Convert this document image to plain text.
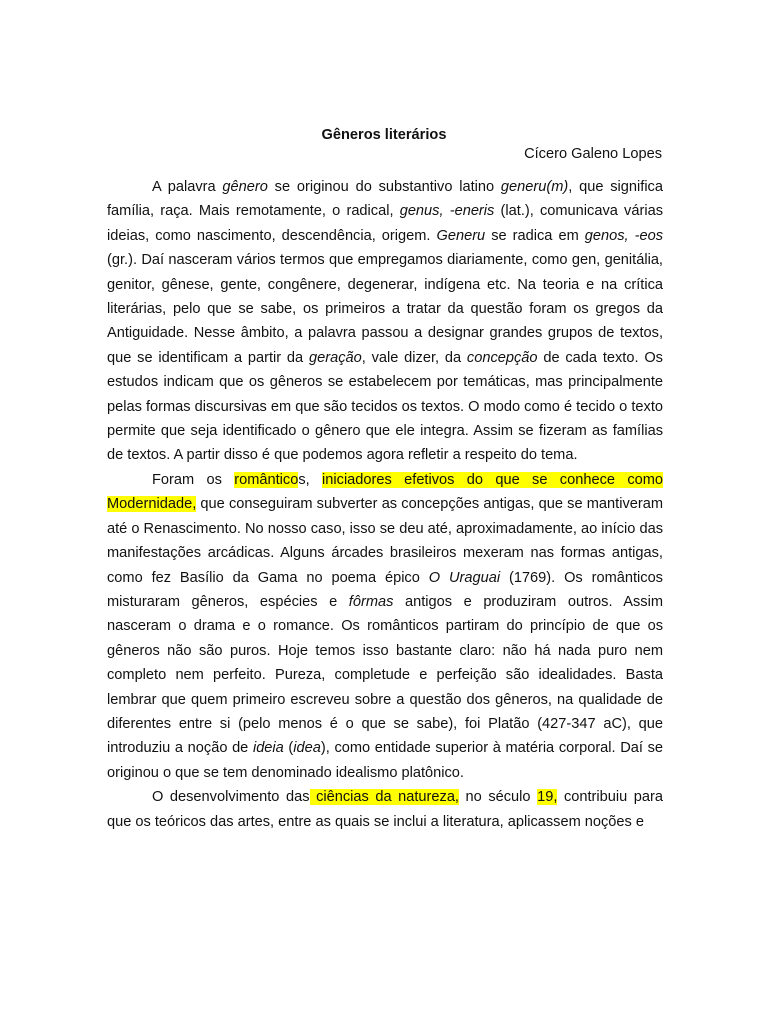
Gêneros literários

Cícero Galeno Lopes

A palavra gênero se originou do substantivo latino generu(m), que significa família, raça. Mais remotamente, o radical, genus, -eneris (lat.), comunicava várias ideias, como nascimento, descendência, origem. Generu se radica em genos, -eos (gr.). Daí nasceram vários termos que empregamos diariamente, como gen, genitália, genitor, gênese, gente, congênere, degenerar, indígena etc. Na teoria e na crítica literárias, pelo que se sabe, os primeiros a tratar da questão foram os gregos da Antiguidade. Nesse âmbito, a palavra passou a designar grandes grupos de textos, que se identificam a partir da geração, vale dizer, da concepção de cada texto. Os estudos indicam que os gêneros se estabelecem por temáticas, mas principalmente pelas formas discursivas em que são tecidos os textos. O modo como é tecido o texto permite que seja identificado o gênero que ele integra. Assim se fizeram as famílias de textos. A partir disso é que podemos agora refletir a respeito do tema.

Foram os românticos, iniciadores efetivos do que se conhece como Modernidade, que conseguiram subverter as concepções antigas, que se mantiveram até o Renascimento. No nosso caso, isso se deu até, aproximadamente, ao início das manifestações arcádicas. Alguns árcades brasileiros mexeram nas formas antigas, como fez Basílio da Gama no poema épico O Uraguai (1769). Os românticos misturaram gêneros, espécies e fôrmas antigos e produziram outros. Assim nasceram o drama e o romance. Os românticos partiram do princípio de que os gêneros não são puros. Hoje temos isso bastante claro: não há nada puro nem completo nem perfeito. Pureza, completude e perfeição são idealidades. Basta lembrar que quem primeiro escreveu sobre a questão dos gêneros, na qualidade de diferentes entre si (pelo menos é o que se sabe), foi Platão (427-347 aC), que introduziu a noção de ideia (idea), como entidade superior à matéria corporal. Daí se originou o que se tem denominado idealismo platônico.

O desenvolvimento das ciências da natureza, no século 19, contribuiu para que os teóricos das artes, entre as quais se inclui a literatura, aplicassem noções e
